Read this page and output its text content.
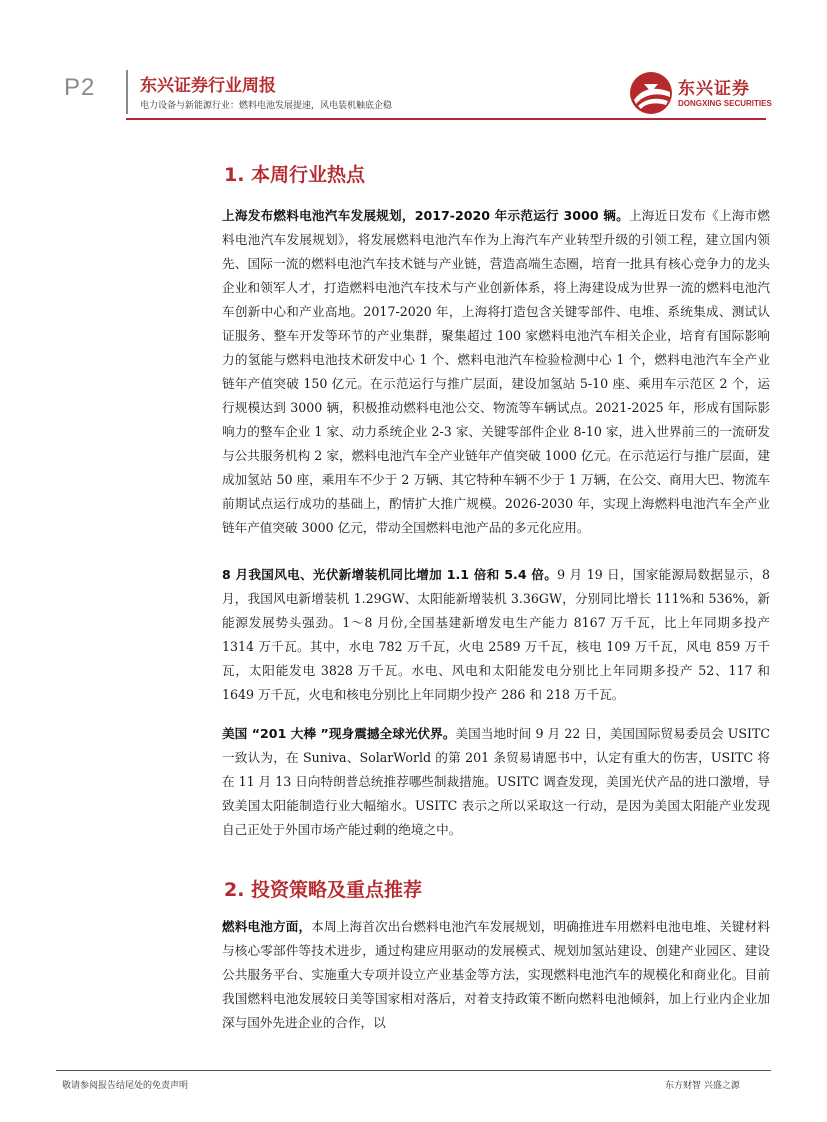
P2	东兴证券行业周报
电力设备与新能源行业：燃料电池发展提速，风电装机触底企稳
东兴证券
DONGXING SECURITIES
1. 本周行业热点
上海发布燃料电池汽车发展规划，2017-2020 年示范运行 3000 辆。上海近日发布《上海市燃料电池汽车发展规划》，将发展燃料电池汽车作为上海汽车产业转型升级的引领工程，建立国内领先、国际一流的燃料电池汽车技术链与产业链，营造高端生态圈，培育一批具有核心竞争力的龙头企业和领军人才，打造燃料电池汽车技术与产业创新体系，将上海建设成为世界一流的燃料电池汽车创新中心和产业高地。2017-2020 年，上海将打造包含关键零部件、电堆、系统集成、测试认证服务、整车开发等环节的产业集群，聚集超过 100 家燃料电池汽车相关企业，培育有国际影响力的氢能与燃料电池技术研发中心 1 个、燃料电池汽车检验检测中心 1 个，燃料电池汽车全产业链年产值突破 150 亿元。在示范运行与推广层面，建设加氢站 5-10 座、乘用车示范区 2 个，运行规模达到 3000 辆，积极推动燃料电池公交、物流等车辆试点。2021-2025 年，形成有国际影响力的整车企业 1 家、动力系统企业 2-3 家、关键零部件企业 8-10 家，进入世界前三的一流研发与公共服务机构 2 家，燃料电池汽车全产业链年产值突破 1000 亿元。在示范运行与推广层面，建成加氢站 50 座，乘用车不少于 2 万辆、其它特种车辆不少于 1 万辆，在公交、商用大巴、物流车前期试点运行成功的基础上，酌情扩大推广规模。2026-2030 年，实现上海燃料电池汽车全产业链年产值突破 3000 亿元，带动全国燃料电池产品的多元化应用。
8 月我国风电、光伏新增装机同比增加 1.1 倍和 5.4 倍。9 月 19 日，国家能源局数据显示，8 月，我国风电新增装机 1.29GW、太阳能新增装机 3.36GW，分别同比增长 111%和 536%，新能源发展势头强劲。1～8 月份,全国基建新增发电生产能力 8167 万千瓦，比上年同期多投产 1314 万千瓦。其中，水电 782 万千瓦，火电 2589 万千瓦，核电 109 万千瓦，风电 859 万千瓦，太阳能发电 3828 万千瓦。水电、风电和太阳能发电分别比上年同期多投产 52、117 和 1649 万千瓦，火电和核电分别比上年同期少投产 286 和 218 万千瓦。
美国 “201 大棒 ”现身震撼全球光伏界。美国当地时间 9 月 22 日，美国国际贸易委员会 USITC 一致认为，在 Suniva、SolarWorld 的第 201 条贸易请愿书中，认定有重大的伤害，USITC 将在 11 月 13 日向特朗普总统推荐哪些制裁措施。USITC 调查发现，美国光伏产品的进口激增，导致美国太阳能制造行业大幅缩水。USITC 表示之所以采取这一行动，是因为美国太阳能产业发现自己正处于外国市场产能过剩的绝境之中。
2. 投资策略及重点推荐
燃料电池方面，本周上海首次出台燃料电池汽车发展规划，明确推进车用燃料电池电堆、关键材料与核心零部件等技术进步，通过构建应用驱动的发展模式、规划加氢站建设、创建产业园区、建设公共服务平台、实施重大专项并设立产业基金等方法，实现燃料电池汽车的规模化和商业化。目前我国燃料电池发展较日美等国家相对落后，对着支持政策不断向燃料电池倾斜，加上行业内企业加深与国外先进企业的合作，以
敬请参阅报告结尾处的免责声明	东方财智 兴盛之源
